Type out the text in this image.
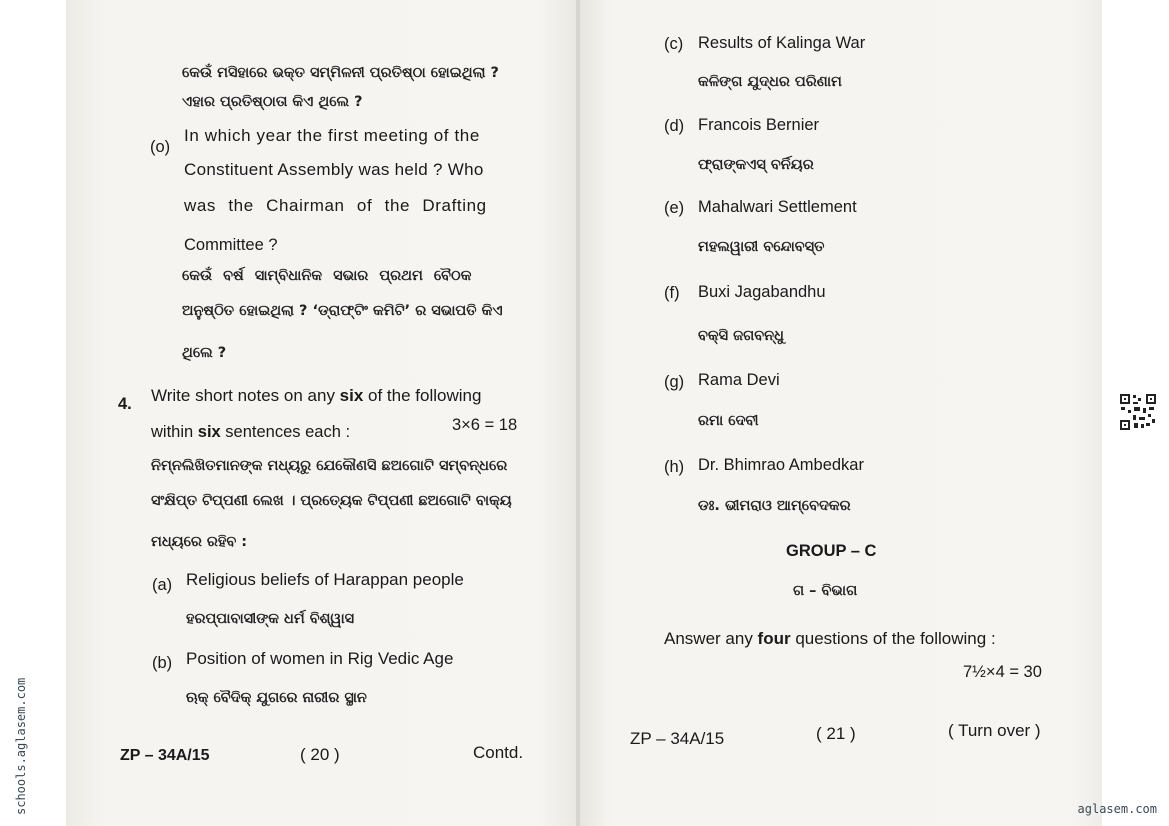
କେଉଁ ମସିହାରେ ଭକ୍ତ ସମ୍ମିଳନୀ ପ୍ରତିଷ୍ଠା ହୋଇଥିଲା ?
ଏହାର ପ୍ରତିଷ୍ଠାତା କିଏ ଥିଲେ ?
(o)
In which year the first meeting of the
Constituent Assembly was held ? Who
was the Chairman of the Drafting
Committee ?
କେଉଁ ବର୍ଷ ସାମ୍ବିଧାନିକ ସଭାର ପ୍ରଥମ ବୈଠକ
ଅନୁଷ୍ଠିତ ହୋଇଥିଲା ? ‘ଡ୍ରାଫ୍ଟିଂ କମିଟି’ ର ସଭାପତି କିଏ
ଥିଲେ ?
4. Write short notes on any six of the following
within six sentences each :	3×6 = 18
ନିମ୍ନଲିଖିତମାନଙ୍କ ମଧ୍ୟରୁ ଯେକୌଣସି ଛଅଗୋଟି ସମ୍ବନ୍ଧରେ
ସଂକ୍ଷିପ୍ତ ଟିପ୍ପଣୀ ଲେଖ । ପ୍ରତ୍ୟେକ ଟିପ୍ପଣୀ ଛଅଗୋଟି ବାକ୍ୟ
ମଧ୍ୟରେ ରହିବ :
(a) Religious beliefs of Harappan people
ହରପ୍ପାବାସୀଙ୍କ ଧର୍ମ ବିଶ୍ୱାସ
(b) Position of women in Rig Vedic Age
ଋକ୍ ବୈଦିକ୍ ଯୁଗରେ ନାରୀର ସ୍ଥାନ
ZP – 34A/15	( 20 )	Contd.
(c) Results of Kalinga War
କଳିଙ୍ଗ ଯୁଦ୍ଧର ପରିଣାମ
(d) Francois Bernier
ଫ୍ରାଙ୍କଏସ୍ ବର୍ନିୟର
(e) Mahalwari Settlement
ମହଲୱାରୀ ବନ୍ଦୋବସ୍ତ
(f) Buxi Jagabandhu
ବକ୍ସି ଜଗବନ୍ଧୁ
(g) Rama Devi
ରମା ଦେବୀ
(h) Dr. Bhimrao Ambedkar
ଡଃ. ଭୀମରାଓ ଆମ୍ବେଦକର
GROUP – C
ଗ – ବିଭାଗ
Answer any four questions of the following :
7½×4 = 30
ZP – 34A/15	( 21 )	( Turn over )
schools.aglasem.com	aglasem.com
